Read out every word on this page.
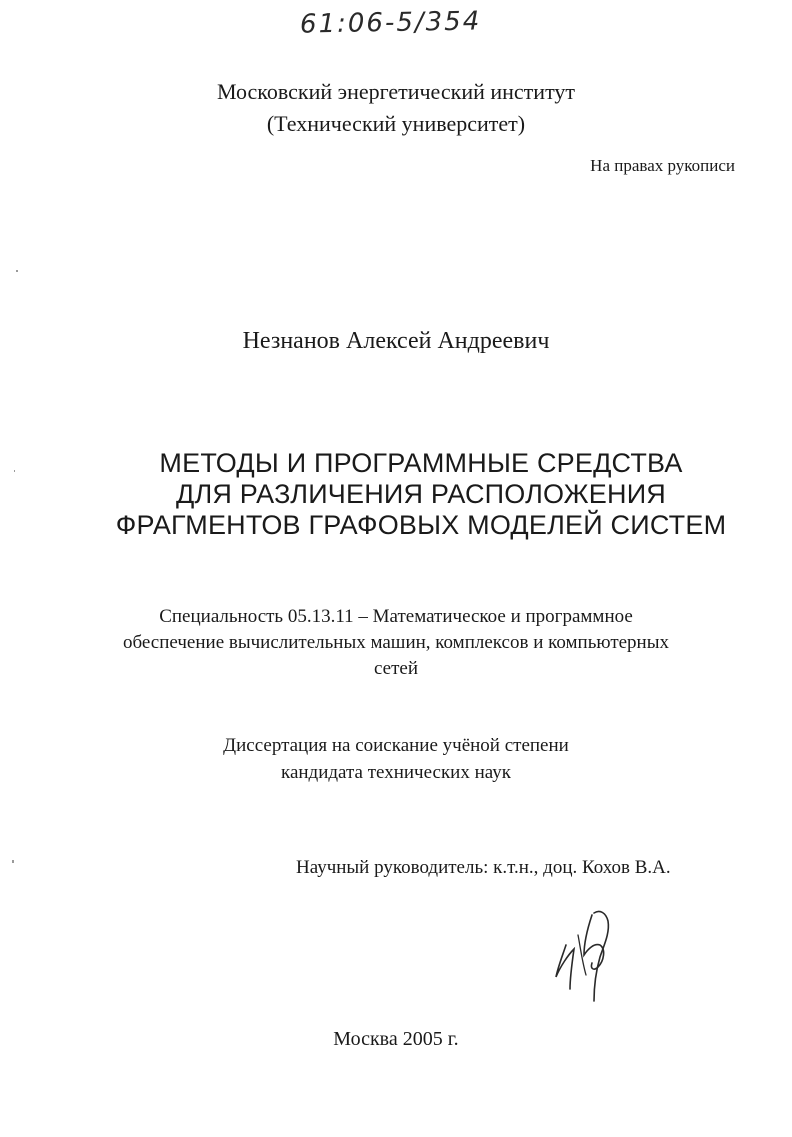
61:06-5/354
Московский энергетический институт
(Технический университет)
На правах рукописи
Незнанов Алексей Андреевич
МЕТОДЫ И ПРОГРАММНЫЕ СРЕДСТВА
ДЛЯ РАЗЛИЧЕНИЯ РАСПОЛОЖЕНИЯ
ФРАГМЕНТОВ ГРАФОВЫХ МОДЕЛЕЙ СИСТЕМ
Специальность 05.13.11 – Математическое и программное
обеспечение вычислительных машин, комплексов и компьютерных
сетей
Диссертация на соискание учёной степени
кандидата технических наук
Научный руководитель: к.т.н., доц. Кохов В.А.
Москва 2005 г.
